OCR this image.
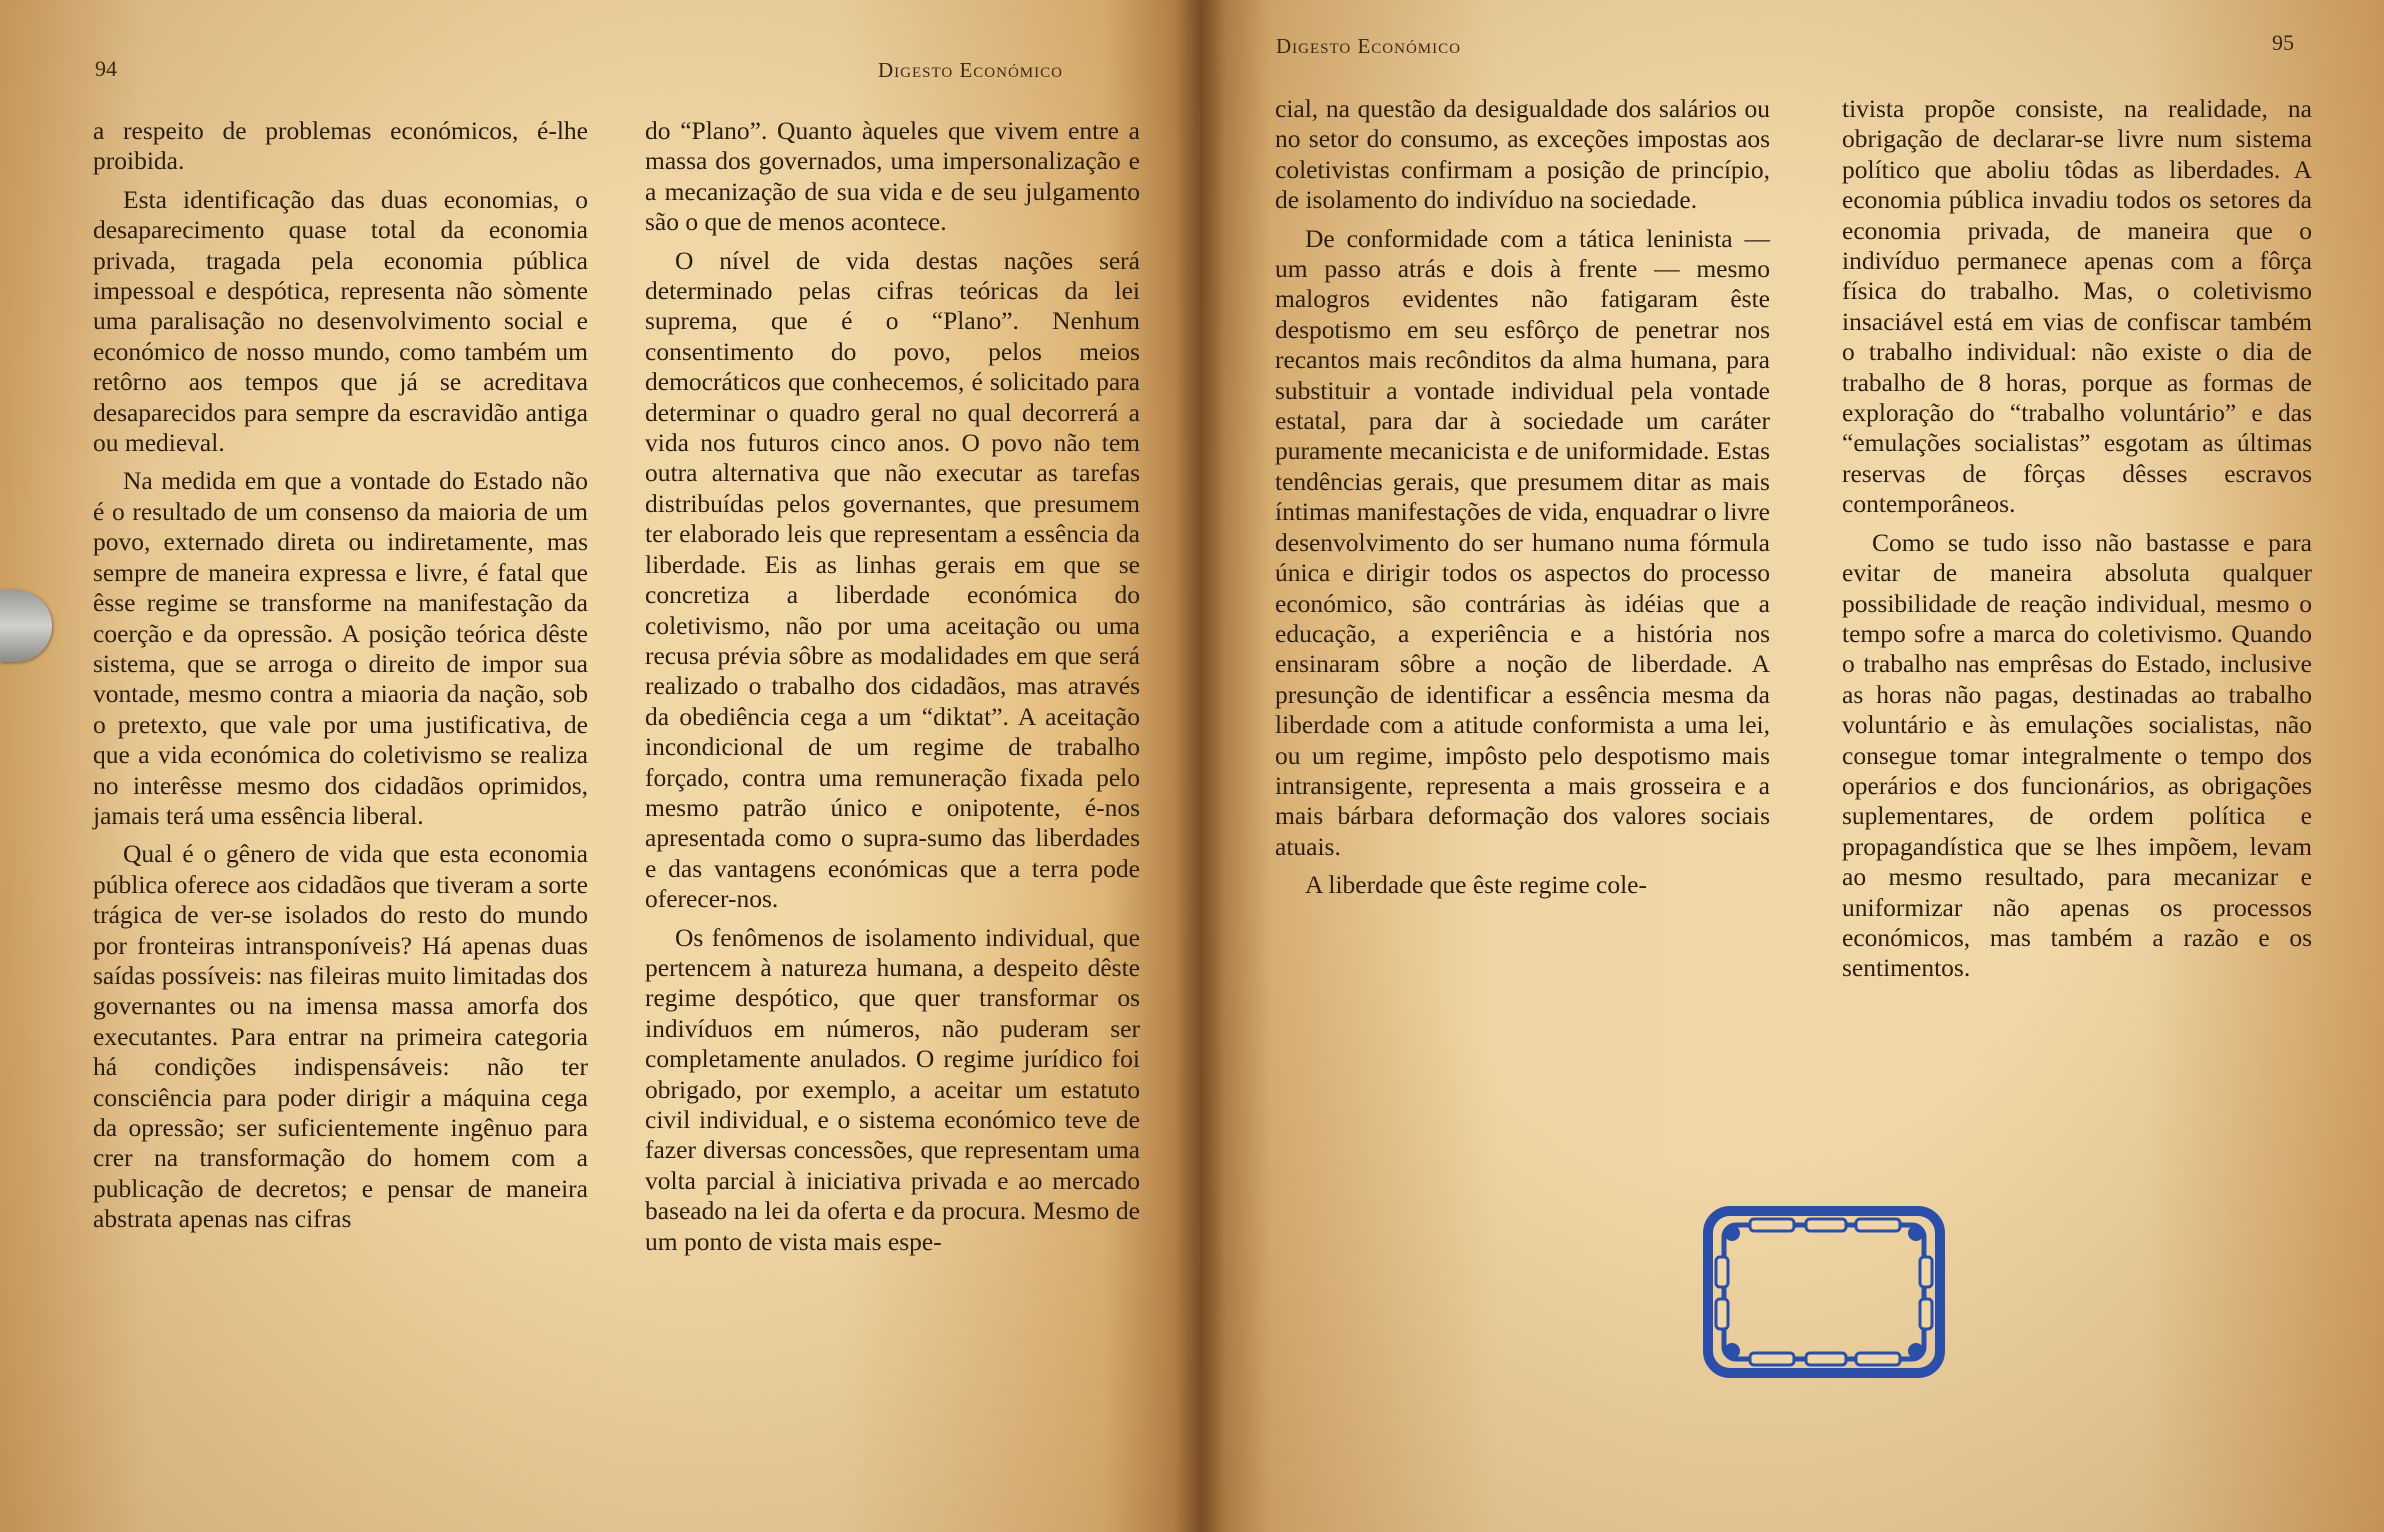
94	Digesto Económico

a respeito de problemas económicos, é-lhe proibida.

Esta identificação das duas economias, o desaparecimento quase total da economia privada, tragada pela economia pública impessoal e despótica, representa não sòmente uma paralisação no desenvolvimento social e económico de nosso mundo, como também um retôrno aos tempos que já se acreditava desaparecidos para sempre da escravidão antiga ou medieval.

Na medida em que a vontade do Estado não é o resultado de um consenso da maioria de um povo, externado direta ou indiretamente, mas sempre de maneira expressa e livre, é fatal que êsse regime se transforme na manifestação da coerção e da opressão. A posição teórica dêste sistema, que se arroga o direito de impor sua vontade, mesmo contra a miaoria da nação, sob o pretexto, que vale por uma justificativa, de que a vida económica do coletivismo se realiza no interêsse mesmo dos cidadãos oprimidos, jamais terá uma essência liberal.

Qual é o gênero de vida que esta economia pública oferece aos cidadãos que tiveram a sorte trágica de ver-se isolados do resto do mundo por fronteiras intransponíveis? Há apenas duas saídas possíveis: nas fileiras muito limitadas dos governantes ou na imensa massa amorfa dos executantes. Para entrar na primeira categoria há condições indispensáveis: não ter consciência para poder dirigir a máquina cega da opressão; ser suficientemente ingênuo para crer na transformação do homem com a publicação de decretos; e pensar de maneira abstrata apenas nas cifras

do “Plano”. Quanto àqueles que vivem entre a massa dos governados, uma impersonalização e a mecanização de sua vida e de seu julgamento são o que de menos acontece.

O nível de vida destas nações será determinado pelas cifras teóricas da lei suprema, que é o “Plano”. Nenhum consentimento do povo, pelos meios democráticos que conhecemos, é solicitado para determinar o quadro geral no qual decorrerá a vida nos futuros cinco anos. O povo não tem outra alternativa que não executar as tarefas distribuídas pelos governantes, que presumem ter elaborado leis que representam a essência da liberdade. Eis as linhas gerais em que se concretiza a liberdade económica do coletivismo, não por uma aceitação ou uma recusa prévia sôbre as modalidades em que será realizado o trabalho dos cidadãos, mas através da obediência cega a um “diktat”. A aceitação incondicional de um regime de trabalho forçado, contra uma remuneração fixada pelo mesmo patrão único e onipotente, é-nos apresentada como o supra-sumo das liberdades e das vantagens económicas que a terra pode oferecer-nos.

Os fenômenos de isolamento individual, que pertencem à natureza humana, a despeito dêste regime despótico, que quer transformar os indivíduos em números, não puderam ser completamente anulados. O regime jurídico foi obrigado, por exemplo, a aceitar um estatuto civil individual, e o sistema económico teve de fazer diversas concessões, que representam uma volta parcial à iniciativa privada e ao mercado baseado na lei da oferta e da procura. Mesmo de um ponto de vista mais espe-

Digesto Económico	95

cial, na questão da desigualdade dos salários ou no setor do consumo, as exceções impostas aos coletivistas confirmam a posição de princípio, de isolamento do indivíduo na sociedade.

De conformidade com a tática leninista — um passo atrás e dois à frente — mesmo malogros evidentes não fatigaram êste despotismo em seu esfôrço de penetrar nos recantos mais recônditos da alma humana, para substituir a vontade individual pela vontade estatal, para dar à sociedade um caráter puramente mecanicista e de uniformidade. Estas tendências gerais, que presumem ditar as mais íntimas manifestações de vida, enquadrar o livre desenvolvimento do ser humano numa fórmula única e dirigir todos os aspectos do processo económico, são contrárias às idéias que a educação, a experiência e a história nos ensinaram sôbre a noção de liberdade. A presunção de identificar a essência mesma da liberdade com a atitude conformista a uma lei, ou um regime, impôsto pelo despotismo mais intransigente, representa a mais grosseira e a mais bárbara deformação dos valores sociais atuais.

A liberdade que êste regime cole-

tivista propõe consiste, na realidade, na obrigação de declarar-se livre num sistema político que aboliu tôdas as liberdades. A economia pública invadiu todos os setores da economia privada, de maneira que o indivíduo permanece apenas com a fôrça física do trabalho. Mas, o coletivismo insaciável está em vias de confiscar também o trabalho individual: não existe o dia de trabalho de 8 horas, porque as formas de exploração do “trabalho voluntário” e das “emulações socialistas” esgotam as últimas reservas de fôrças dêsses escravos contemporâneos.

Como se tudo isso não bastasse e para evitar de maneira absoluta qualquer possibilidade de reação individual, mesmo o tempo sofre a marca do coletivismo. Quando o trabalho nas emprêsas do Estado, inclusive as horas não pagas, destinadas ao trabalho voluntário e às emulações socialistas, não consegue tomar integralmente o tempo dos operários e dos funcionários, as obrigações suplementares, de ordem política e propagandística que se lhes impõem, levam ao mesmo resultado, para mecanizar e uniformizar não apenas os processos económicos, mas também a razão e os sentimentos.
